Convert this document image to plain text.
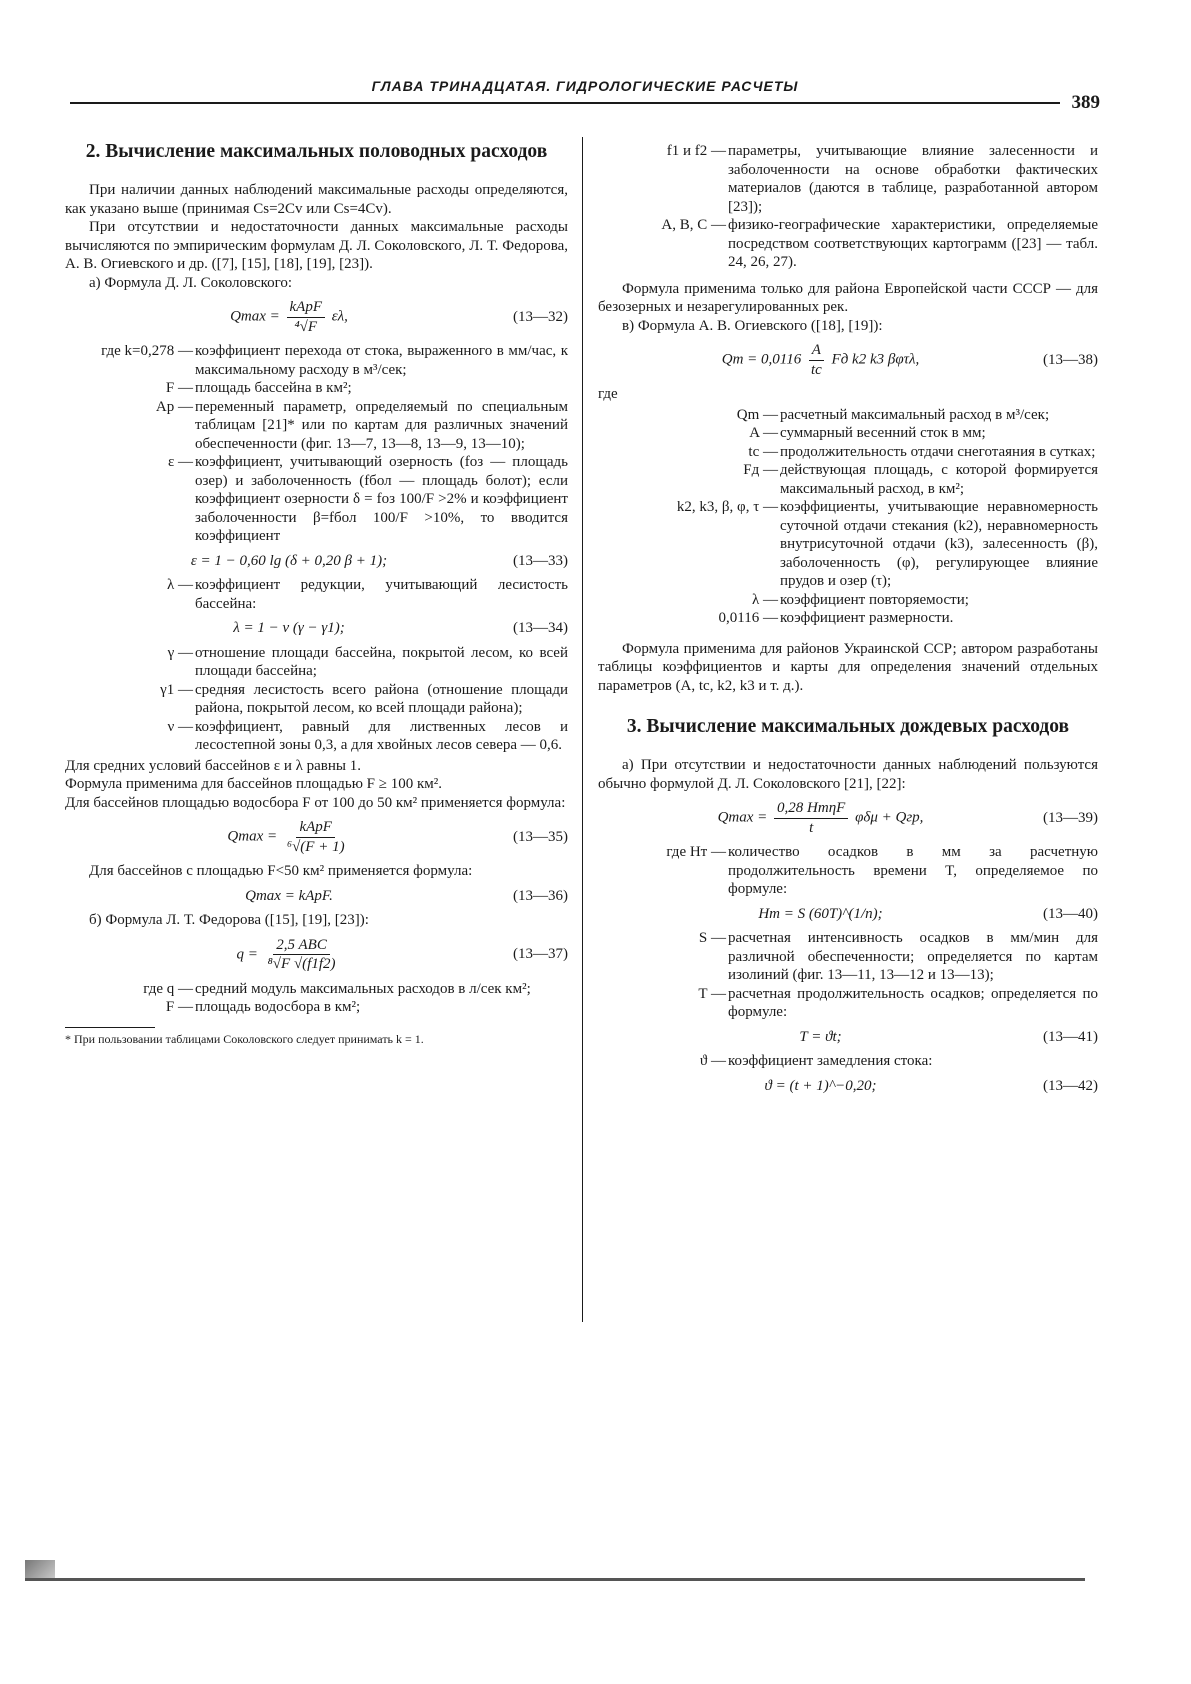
ГЛАВА ТРИНАДЦАТАЯ. ГИДРОЛОГИЧЕСКИЕ РАСЧЕТЫ
389
2. Вычисление максимальных половодных расходов

При наличии данных наблюдений максимальные расходы определяются, как указано выше (принимая Cs=2Cv или Cs=4Cv).

При отсутствии и недостаточности данных максимальные расходы вычисляются по эмпирическим формулам Д. Л. Соколовского, Л. Т. Федорова, А. В. Огиевского и др. ([7], [15], [18], [19], [23]).

а) Формула Д. Л. Соколовского:

$Qmax = \frac{\text{kApF}}{\text{⁴√F}} \varepsilon\lambda$,	(13—32)
где k=0,278 — коэффициент перехода от стока, выраженного в мм/час, к максимальному расходу в м³/сек;
F — площадь бассейна в км²;
Ap — переменный параметр, определяемый по специальным таблицам [21]* или по картам для различных значений обеспеченности (фиг. 13—7, 13—8, 13—9, 13—10);
ε — коэффициент, учитывающий озерность (fоз — площадь озер) и заболоченность (fбол — площадь болот); если коэффициент озерности δ = fоз 100/F >2% и коэффициент заболоченности β=fбол 100/F >10%, то вводится коэффициент
ε = 1 − 0,60 lg (δ + 0,20 β + 1);	(13—33)
λ — коэффициент редукции, учитывающий лесистость бассейна:
λ = 1 − ν (γ − γ1);	(13—34)
γ — отношение площади бассейна, покрытой лесом, ко всей площади бассейна;
γ1 — средняя лесистость всего района (отношение площади района, покрытой лесом, ко всей площади района);
ν — коэффициент, равный для лиственных лесов и лесостепной зоны 0,3, а для хвойных лесов севера — 0,6.

Для средних условий бассейнов ε и λ равны 1.

Формула применима для бассейнов площадью F ≥ 100 км².

Для бассейнов площадью водосбора F от 100 до 50 км² применяется формула:

$Qmax = \frac{\text{kApF}}{\text{⁶√(F + 1)}}$	(13—35)

Для бассейнов с площадью F<50 км² применяется формула:

Qmax = kApF.	(13—36)

б) Формула Л. Т. Федорова ([15], [19], [23]):

$q = \frac{\text{2,5 ABC}}{\text{⁸√F √(f1f2)}}$	(13—37)
где q — средний модуль максимальных расходов в л/сек км²;
F — площадь водосбора в км²;

* При пользовании таблицами Соколовского следует принимать k = 1.

f1 и f2 — параметры, учитывающие влияние залесенности и заболоченности на основе обработки фактических материалов (даются в таблице, разработанной автором [23]);
A, B, C — физико-географические характеристики, определяемые посредством соответствующих картограмм ([23] — табл. 24, 26, 27).

Формула применима только для района Европейской части СССР — для безозерных и незарегулированных рек.

в) Формула А. В. Огиевского ([18], [19]):

$Qm = 0,0116 \frac{A}{tc}$ Fд k2 k3 βφτλ,	(13—38)

где

Qm — расчетный максимальный расход в м³/сек;
A — суммарный весенний сток в мм;
tc — продолжительность отдачи снеготаяния в сутках;
Fд — действующая площадь, с которой формируется максимальный расход, в км²;
k2, k3, β, φ, τ — коэффициенты, учитывающие неравномерность суточной отдачи стекания (k2), неравномерность внутрисуточной отдачи (k3), залесенность (β), заболоченность (φ), регулирующее влияние прудов и озер (τ);
λ — коэффициент повторяемости;
0,0116 — коэффициент размерности.

Формула применима для районов Украинской ССР; автором разработаны таблицы коэффициентов и карты для определения значений отдельных параметров (A, tc, k2, k3 и т. д.).

3. Вычисление максимальных дождевых расходов

а) При отсутствии и недостаточности данных наблюдений пользуются обычно формулой Д. Л. Соколовского [21], [22]:

$Qmax = \frac{\text{0,28 HтηF}}{t}$ φδμ + Qгр,	(13—39)
где Hт — количество осадков в мм за расчетную продолжительность времени T, определяемое по формуле:
Hт = S (60T)^(1/n);	(13—40)
S — расчетная интенсивность осадков в мм/мин для различной обеспеченности; определяется по картам изолиний (фиг. 13—11, 13—12 и 13—13);
T — расчетная продолжительность осадков; определяется по формуле:
T = ϑt;	(13—41)
ϑ — коэффициент замедления стока:
ϑ = (t + 1)^−0,20;	(13—42)
